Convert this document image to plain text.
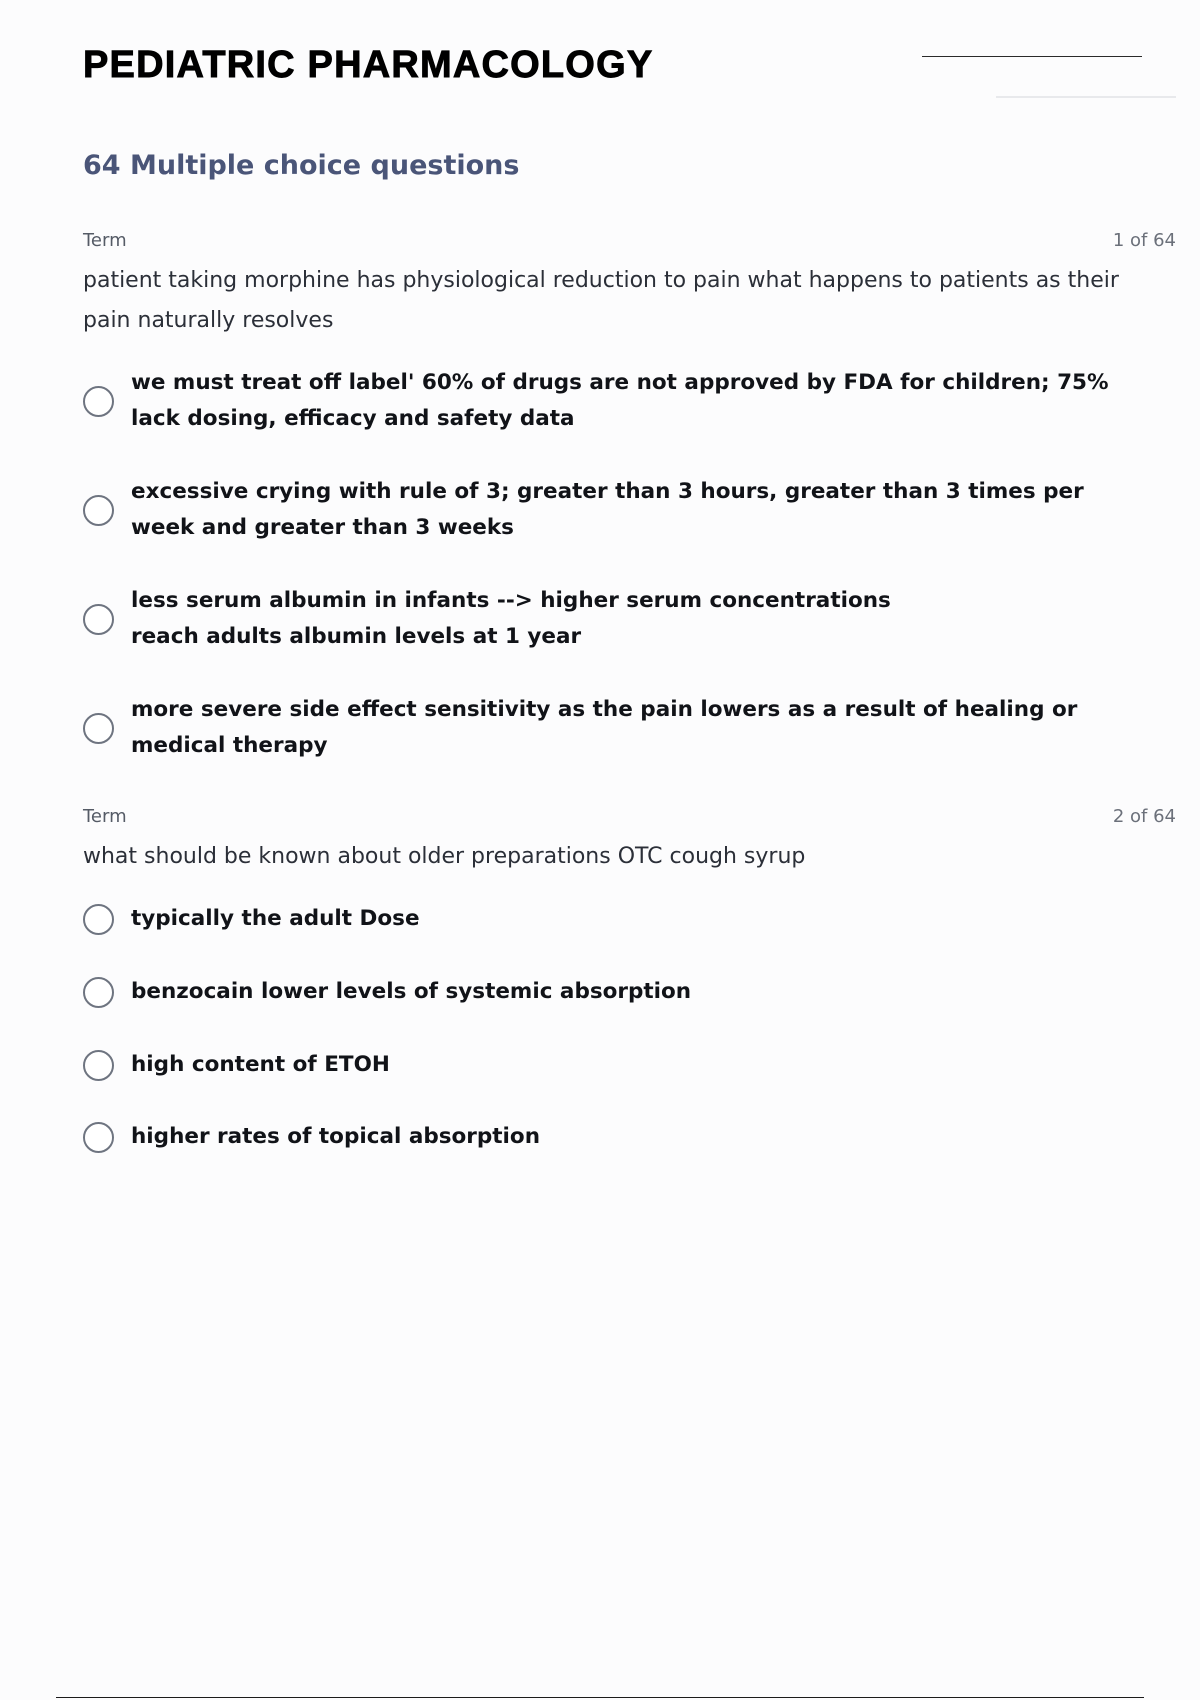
PEDIATRIC PHARMACOLOGY
64 Multiple choice questions
Term	1 of 64

patient taking morphine has physiological reduction to pain what happens to patients as their pain naturally resolves

we must treat off label' 60% of drugs are not approved by FDA for children; 75% lack dosing, efficacy and safety data
excessive crying with rule of 3; greater than 3 hours, greater than 3 times per week and greater than 3 weeks
less serum albumin in infants --> higher serum concentrations
reach adults albumin levels at 1 year
more severe side effect sensitivity as the pain lowers as a result of healing or medical therapy
Term	2 of 64

what should be known about older preparations OTC cough syrup

typically the adult Dose
benzocain lower levels of systemic absorption
high content of ETOH
higher rates of topical absorption
